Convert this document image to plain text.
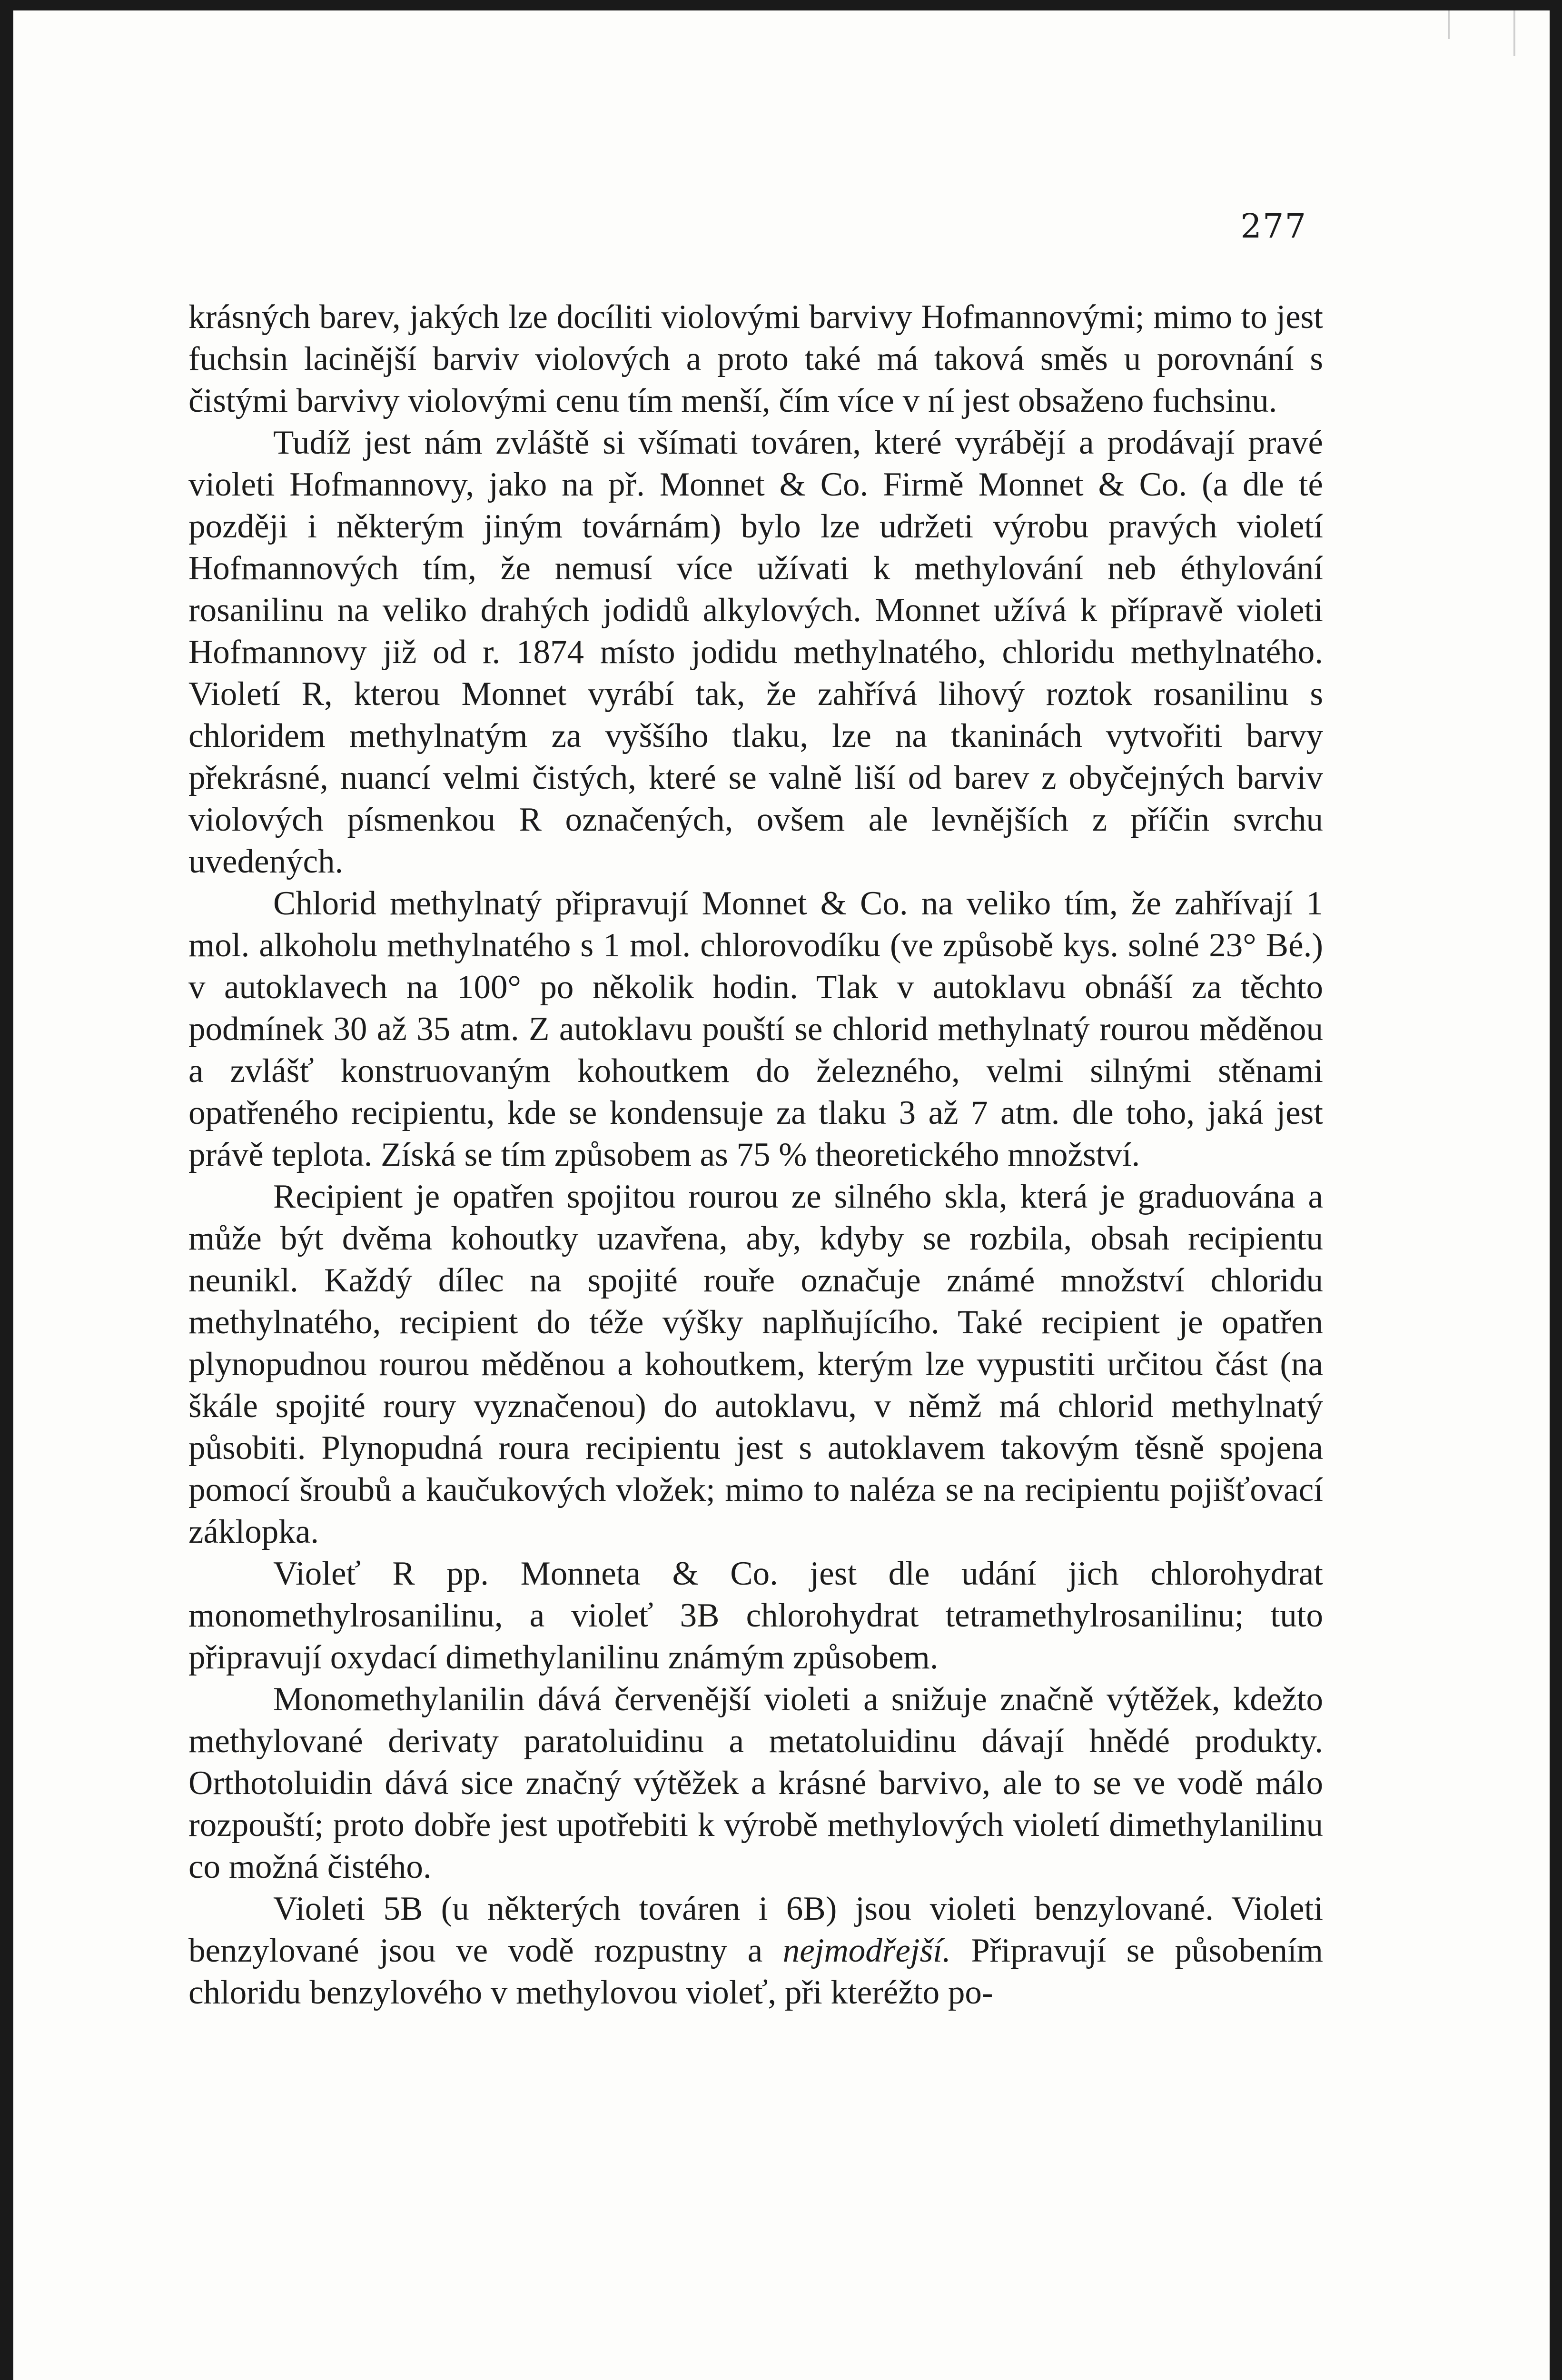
277

krásných barev, jakých lze docíliti violovými barvivy Hofmannovými; mimo to jest fuchsin lacinější barviv violových a proto také má taková směs u porovnání s čistými barvivy violovými cenu tím menší, čím více v ní jest obsaženo fuchsinu.

Tudíž jest nám zvláště si všímati továren, které vyrábějí a prodávají pravé violeti Hofmannovy, jako na př. Monnet & Co. Firmě Monnet & Co. (a dle té později i některým jiným továrnám) bylo lze udržeti výrobu pravých violetí Hofmannových tím, že nemusí více užívati k methylování neb éthylování rosanilinu na veliko drahých jodidů alkylových. Monnet užívá k přípravě violeti Hofmannovy již od r. 1874 místo jodidu methylnatého, chloridu methylnatého. Violetí R, kterou Monnet vyrábí tak, že zahřívá lihový roztok rosanilinu s chloridem methylnatým za vyššího tlaku, lze na tkaninách vytvořiti barvy překrásné, nuancí velmi čistých, které se valně liší od barev z obyčejných barviv violových písmenkou R označených, ovšem ale levnějších z příčin svrchu uvedených.

Chlorid methylnatý připravují Monnet & Co. na veliko tím, že zahřívají 1 mol. alkoholu methylnatého s 1 mol. chlorovodíku (ve způsobě kys. solné 23° Bé.) v autoklavech na 100° po několik hodin. Tlak v autoklavu obnáší za těchto podmínek 30 až 35 atm. Z autoklavu pouští se chlorid methylnatý rourou měděnou a zvlášť konstruovaným kohoutkem do železného, velmi silnými stěnami opatřeného recipientu, kde se kondensuje za tlaku 3 až 7 atm. dle toho, jaká jest právě teplota. Získá se tím způsobem as 75 % theoretického množství.

Recipient je opatřen spojitou rourou ze silného skla, která je graduována a může být dvěma kohoutky uzavřena, aby, kdyby se rozbila, obsah recipientu neunikl. Každý dílec na spojité rouře označuje známé množství chloridu methylnatého, recipient do téže výšky naplňujícího. Také recipient je opatřen plynopudnou rourou měděnou a kohoutkem, kterým lze vypustiti určitou část (na škále spojité roury vyznačenou) do autoklavu, v němž má chlorid methylnatý působiti. Plynopudná roura recipientu jest s autoklavem takovým těsně spojena pomocí šroubů a kaučukových vložek; mimo to naléza se na recipientu pojišťovací záklopka.

Violeť R pp. Monneta & Co. jest dle udání jich chlorohydrat monomethylrosanilinu, a violeť 3B chlorohydrat tetramethylrosanilinu; tuto připravují oxydací dimethylanilinu známým způsobem.

Monomethylanilin dává červenější violeti a snižuje značně výtěžek, kdežto methylované derivaty paratoluidinu a metatoluidinu dávají hnědé produkty. Orthotoluidin dává sice značný výtěžek a krásné barvivo, ale to se ve vodě málo rozpouští; proto dobře jest upotřebiti k výrobě methylových violetí dimethylanilinu co možná čistého.

Violeti 5B (u některých továren i 6B) jsou violeti benzylované. Violeti benzylované jsou ve vodě rozpustny a nejmodřejší. Připravují se působením chloridu benzylového v methylovou violeť, při kteréžto po-
